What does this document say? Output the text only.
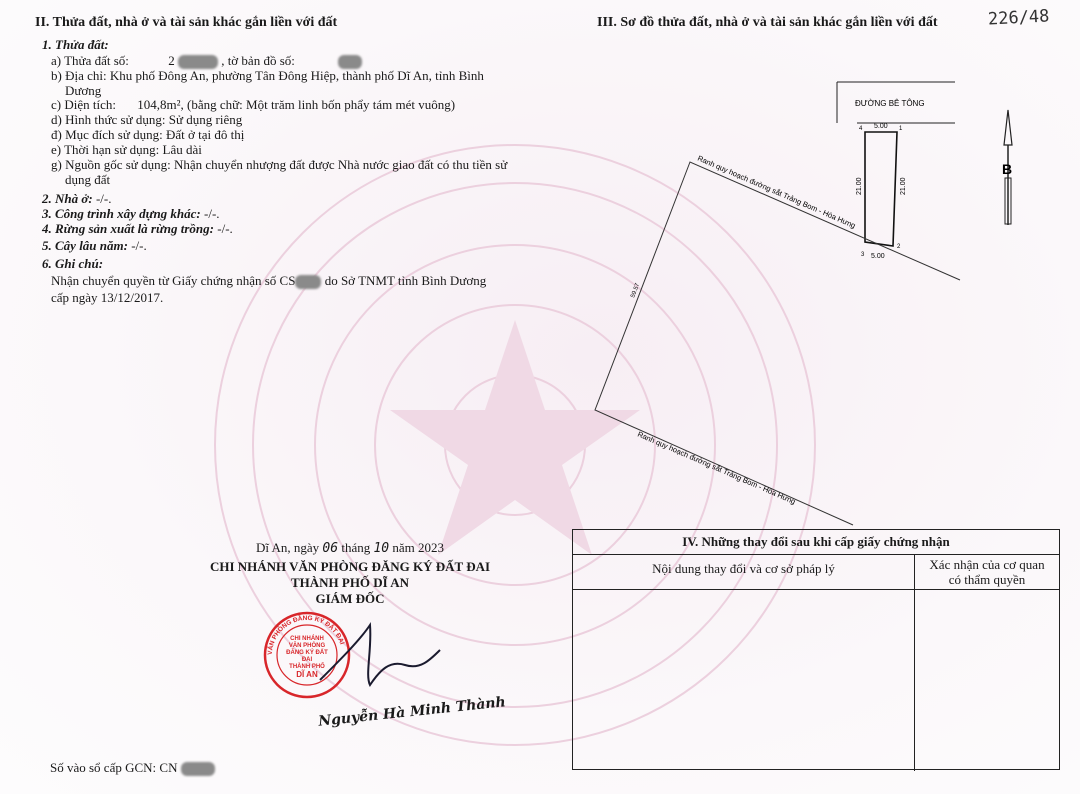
II. Thửa đất, nhà ở và tài sản khác gắn liền với đất
1. Thửa đất:
a) Thửa đất số:	2	, tờ bản đồ số:
b) Địa chỉ: Khu phố Đông An, phường Tân Đông Hiệp, thành phố Dĩ An, tỉnh Bình
Dương
c) Diện tích: 104,8m², (bằng chữ: Một trăm linh bốn phẩy tám mét vuông)
d) Hình thức sử dụng: Sử dụng riêng
đ) Mục đích sử dụng: Đất ở tại đô thị
e) Thời hạn sử dụng: Lâu dài
g) Nguồn gốc sử dụng: Nhận chuyển nhượng đất được Nhà nước giao đất có thu tiền sử
dụng đất
2. Nhà ở: -/-.
3. Công trình xây dựng khác: -/-.
4. Rừng sản xuất là rừng trồng: -/-.
5. Cây lâu năm: -/-.
6. Ghi chú:
Nhận chuyển quyền từ Giấy chứng nhận số CS do Sở TNMT tỉnh Bình Dương
cấp ngày 13/12/2017.
III. Sơ đồ thửa đất, nhà ở và tài sản khác gắn liền với đất	226/48
ĐƯỜNG BÊ TÔNG
5.00
5.00
21.00	21.00
4	1
3
2
Ranh quy hoạch đường sắt Trảng Bom - Hòa Hưng
Ranh quy hoạch đường sắt Trảng Bom - Hòa Hưng
59.57
B
IV. Những thay đổi sau khi cấp giấy chứng nhận
Nội dung thay đổi và cơ sở pháp lý	Xác nhận của cơ quan
có thẩm quyền
Dĩ An, ngày 06 tháng 10 năm 2023
CHI NHÁNH VĂN PHÒNG ĐĂNG KÝ ĐẤT ĐAI
THÀNH PHỐ DĨ AN
GIÁM ĐỐC
VĂN PHÒNG ĐĂNG KÝ ĐẤT ĐAI
CHI NHÁNH
VĂN PHÒNG
ĐĂNG KÝ ĐẤT
ĐAI
THÀNH PHỐ
DĨ AN
Nguyễn Hà Minh Thành
Số vào sổ cấp GCN: CN
